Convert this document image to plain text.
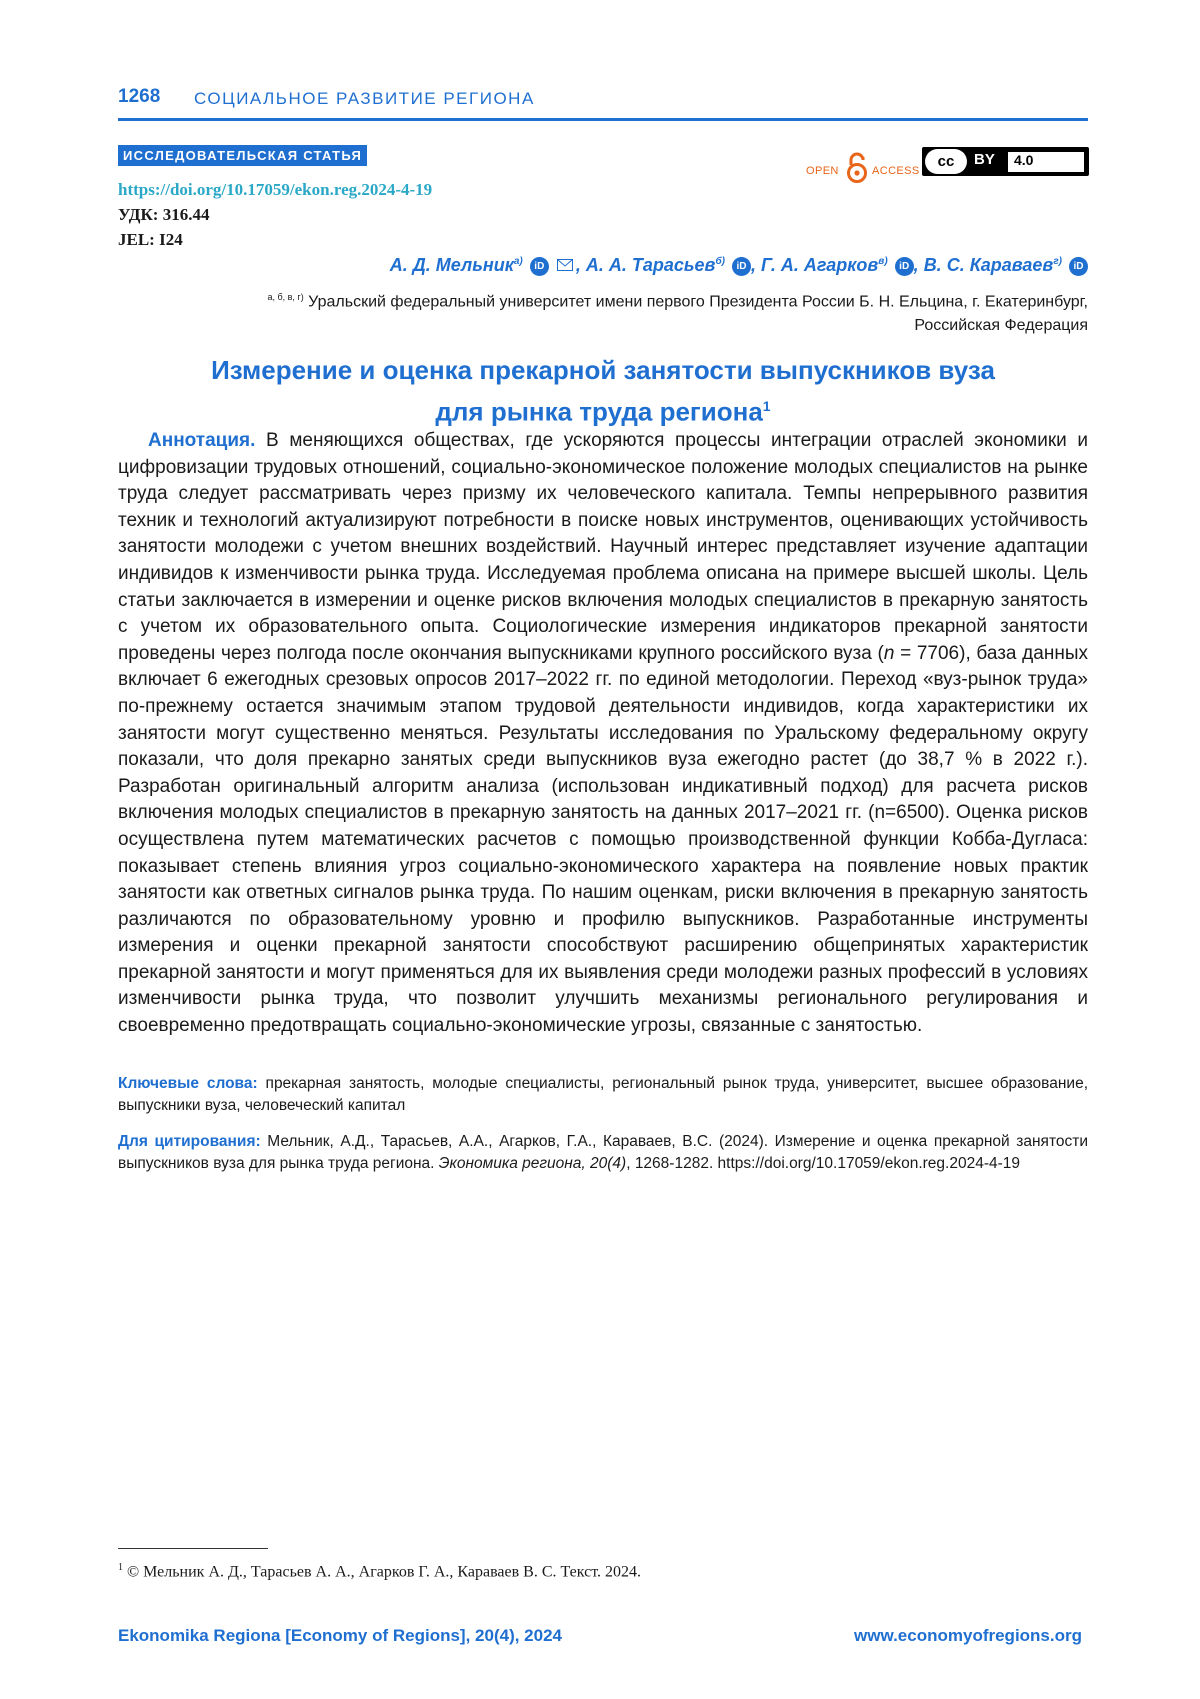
1268 СОЦИАЛЬНОЕ РАЗВИТИЕ РЕГИОНА
ИССЛЕДОВАТЕЛЬСКАЯ СТАТЬЯ
OPEN	ACCESS
cc	BY 4.0
https://doi.org/10.17059/ekon.reg.2024-4-19
УДК: 316.44
JEL: I24
А. Д. Мельник$^{а)}$ iD , А. А. Тарасьев$^{б)}$ iD , Г. А. Агарков$^{в)}$ iD , В. С. Караваев$^{г)}$ iD
$^{а, б, в, г)}$ Уральский федеральный университет имени первого Президента России Б. Н. Ельцина, г. Екатеринбург,
Российская Федерация
Измерение и оценка прекарной занятости выпускников вуза
для рынка труда региона$^1$
Аннотация. В меняющихся обществах, где ускоряются процессы интеграции отраслей экономики и цифровизации трудовых отношений, социально-экономическое положение молодых специалистов на рынке труда следует рассматривать через призму их человеческого капитала. Темпы непрерывного развития техник и технологий актуализируют потребности в поиске новых инструментов, оценивающих устойчивость занятости молодежи с учетом внешних воздействий. Научный интерес представляет изучение адаптации индивидов к изменчивости рынка труда. Исследуемая проблема описана на примере высшей школы. Цель статьи заключается в измерении и оценке рисков включения молодых специалистов в прекарную занятость с учетом их образовательного опыта. Социологические измерения индикаторов прекарной занятости проведены через полгода после окончания выпускниками крупного российского вуза (n = 7706), база данных включает 6 ежегодных срезовых опросов 2017–2022 гг. по единой методологии. Переход «вуз-рынок труда» по-прежнему остается значимым этапом трудовой деятельности индивидов, когда характеристики их занятости могут существенно меняться. Результаты исследования по Уральскому федеральному округу показали, что доля прекарно занятых среди выпускников вуза ежегодно растет (до 38,7 % в 2022 г.). Разработан оригинальный алгоритм анализа (использован индикативный подход) для расчета рисков включения молодых специалистов в прекарную занятость на данных 2017–2021 гг. (n=6500). Оценка рисков осуществлена путем математических расчетов с помощью производственной функции Кобба-Дугласа: показывает степень влияния угроз социально-экономического характера на появление новых практик занятости как ответных сигналов рынка труда. По нашим оценкам, риски включения в прекарную занятость различаются по образовательному уровню и профилю выпускников. Разработанные инструменты измерения и оценки прекарной занятости способствуют расширению общепринятых характеристик прекарной занятости и могут применяться для их выявления среди молодежи разных профессий в условиях изменчивости рынка труда, что позволит улучшить механизмы регионального регулирования и своевременно предотвращать социально-экономические угрозы, связанные с занятостью.
Ключевые слова: прекарная занятость, молодые специалисты, региональный рынок труда, университет, высшее образование, выпускники вуза, человеческий капитал
Для цитирования: Мельник, А.Д., Тарасьев, А.А., Агарков, Г.А., Караваев, В.С. (2024). Измерение и оценка прекарной занятости выпускников вуза для рынка труда региона. Экономика региона, 20(4), 1268-1282. https://doi.org/10.17059/ekon.reg.2024-4-19
$^1$ © Мельник А. Д., Тарасьев А. А., Агарков Г. А., Караваев В. С. Текст. 2024.
Ekonomika Regiona [Economy of Regions], 20(4), 2024	www.economyofregions.org
